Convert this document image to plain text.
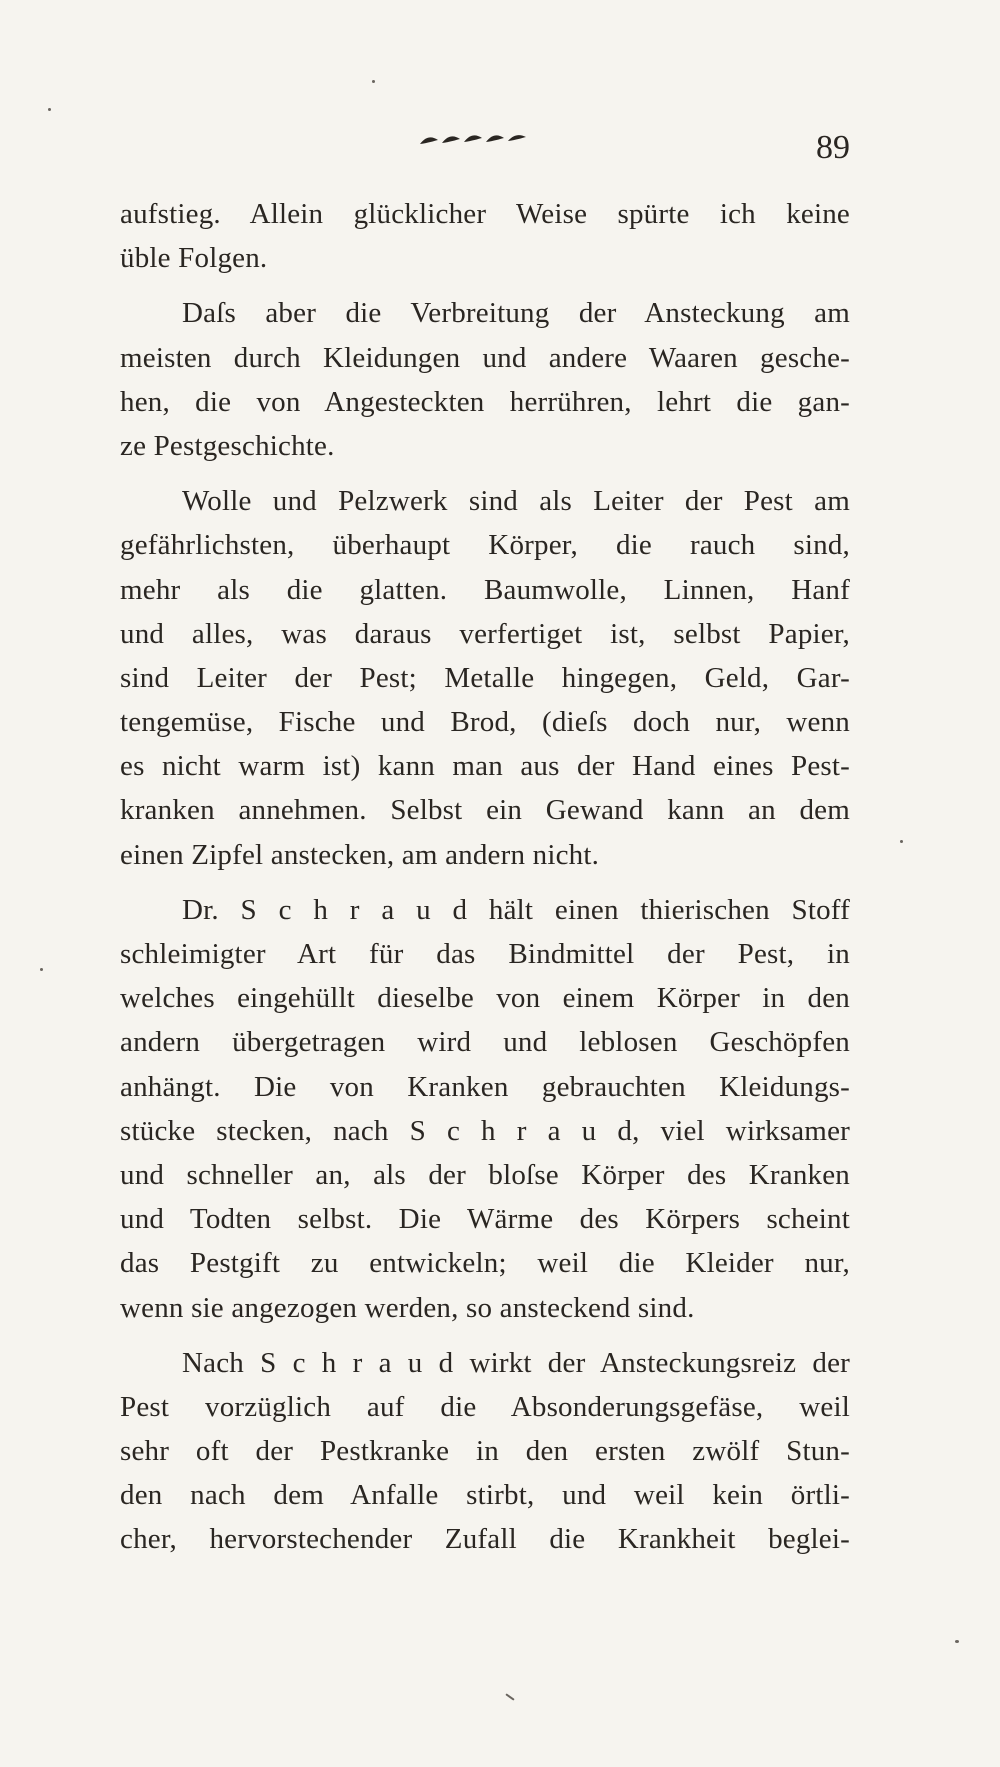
89
aufstieg. Allein glücklicher Weise spürte ich keine
üble Folgen.
Daſs aber die Verbreitung der Ansteckung am
meisten durch Kleidungen und andere Waaren gesche-
hen, die von Angesteckten herrühren, lehrt die gan-
ze Pestgeschichte.
Wolle und Pelzwerk sind als Leiter der Pest am
gefährlichsten, überhaupt Körper, die rauch sind,
mehr als die glatten. Baumwolle, Linnen, Hanf
und alles, was daraus verfertiget ist, selbst Papier,
sind Leiter der Pest; Metalle hingegen, Geld, Gar-
tengemüse, Fische und Brod, (dieſs doch nur, wenn
es nicht warm ist) kann man aus der Hand eines Pest-
kranken annehmen. Selbst ein Gewand kann an dem
einen Zipfel anstecken, am andern nicht.
Dr. S c h r a u d hält einen thierischen Stoff
schleimigter Art für das Bindmittel der Pest, in
welches eingehüllt dieselbe von einem Körper in den
andern übergetragen wird und leblosen Geschöpfen
anhängt. Die von Kranken gebrauchten Kleidungs-
stücke stecken, nach S c h r a u d, viel wirksamer
und schneller an, als der bloſse Körper des Kranken
und Todten selbst. Die Wärme des Körpers scheint
das Pestgift zu entwickeln; weil die Kleider nur,
wenn sie angezogen werden, so ansteckend sind.
Nach S c h r a u d wirkt der Ansteckungsreiz der
Pest vorzüglich auf die Absonderungsgefäse, weil
sehr oft der Pestkranke in den ersten zwölf Stun-
den nach dem Anfalle stirbt, und weil kein örtli-
cher, hervorstechender Zufall die Krankheit beglei-
